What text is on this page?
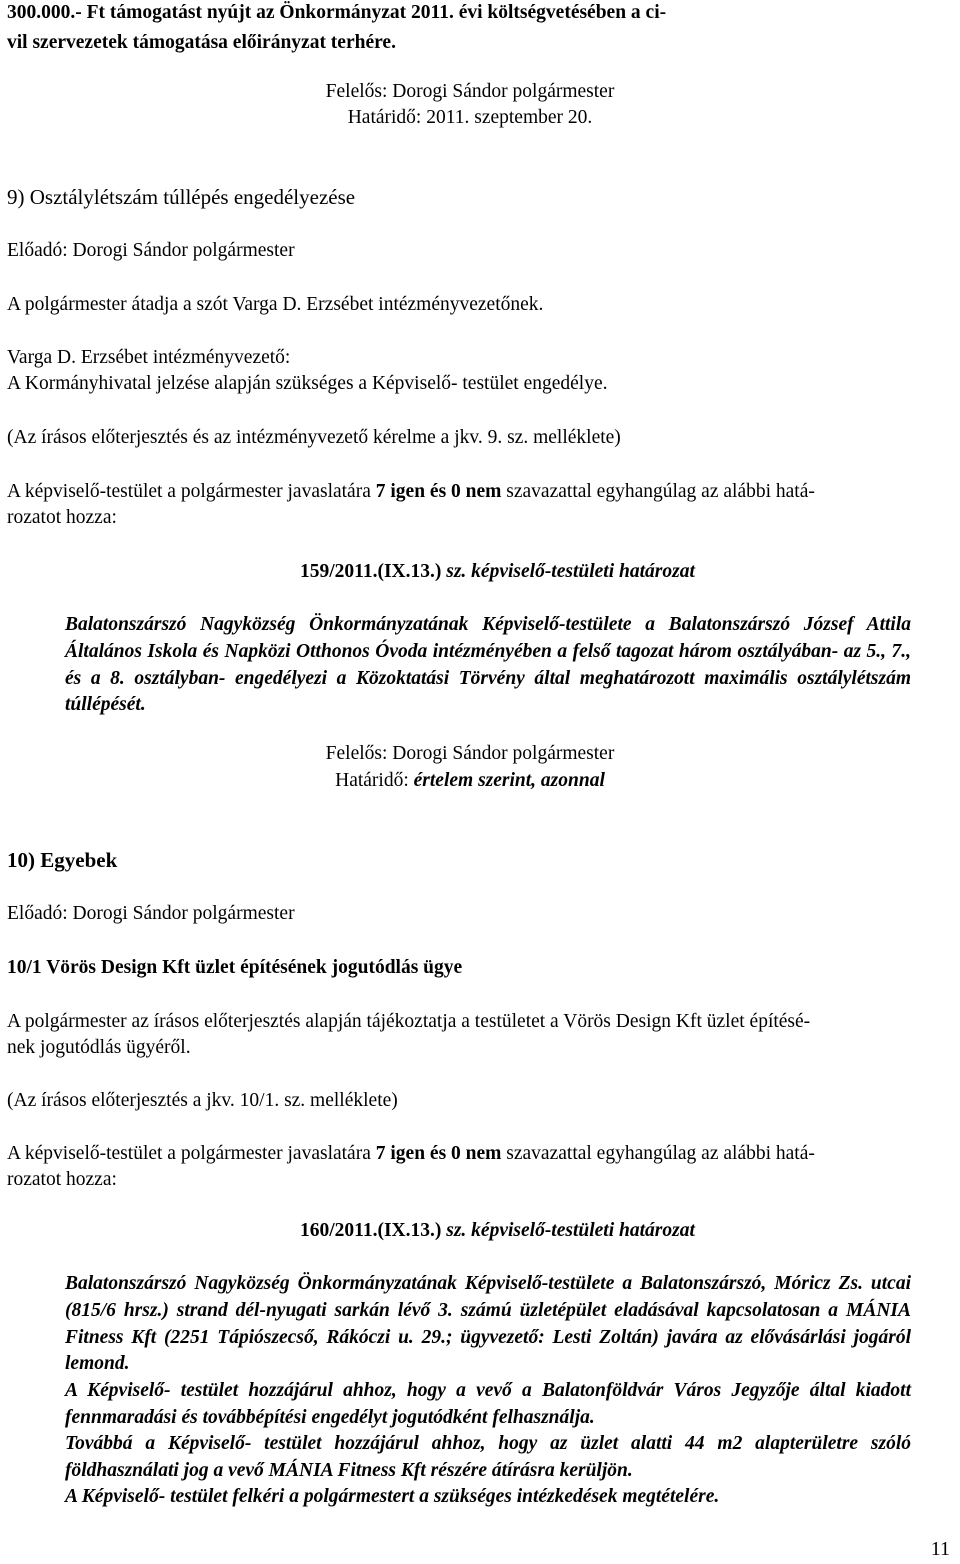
300.000.- Ft támogatást nyújt az Önkormányzat 2011. évi költségvetésében a ci-
vil szervezetek támogatása előirányzat terhére.
Felelős: Dorogi Sándor polgármester
Határidő: 2011. szeptember 20.
9) Osztálylétszám túllépés engedélyezése
Előadó: Dorogi Sándor polgármester
A polgármester átadja a szót Varga D. Erzsébet intézményvezetőnek.
Varga D. Erzsébet intézményvezető:
A Kormányhivatal jelzése alapján szükséges a Képviselő- testület engedélye.
(Az írásos előterjesztés és az intézményvezető kérelme a jkv. 9. sz. melléklete)
A képviselő-testület a polgármester javaslatára 7 igen és 0 nem szavazattal egyhangúlag az alábbi hatá-
rozatot hozza:
159/2011.(IX.13.) sz. képviselő-testületi határozat
Balatonszárszó Nagyközség Önkormányzatának Képviselő-testülete a Balatonszárszó József Attila Általános Iskola és Napközi Otthonos Óvoda intézményében a felső tagozat három osztályában- az 5., 7., és a 8. osztályban- engedélyezi a Közoktatási Törvény által meghatározott maximális osztálylétszám túllépését.
Felelős: Dorogi Sándor polgármester
Határidő: értelem szerint, azonnal
10) Egyebek
Előadó: Dorogi Sándor polgármester
10/1 Vörös Design Kft üzlet építésének jogutódlás ügye
A polgármester az írásos előterjesztés alapján tájékoztatja a testületet a Vörös Design Kft üzlet építésé-
nek jogutódlás ügyéről.
(Az írásos előterjesztés a jkv. 10/1. sz. melléklete)
A képviselő-testület a polgármester javaslatára 7 igen és 0 nem szavazattal egyhangúlag az alábbi hatá-
rozatot hozza:
160/2011.(IX.13.) sz. képviselő-testületi határozat
Balatonszárszó Nagyközség Önkormányzatának Képviselő-testülete a Balatonszárszó, Móricz Zs. utcai (815/6 hrsz.) strand dél-nyugati sarkán lévő 3. számú üzletépület eladásával kapcsolatosan a MÁNIA Fitness Kft (2251 Tápiószecső, Rákóczi u. 29.; ügyvezető: Lesti Zoltán) javára az elővásárlási jogáról lemond.
A Képviselő- testület hozzájárul ahhoz, hogy a vevő a Balatonföldvár Város Jegyzője által kiadott fennmaradási és továbbépítési engedélyt jogutódként felhasználja.
Továbbá a Képviselő- testület hozzájárul ahhoz, hogy az üzlet alatti 44 m2 alapterületre szóló földhasználati jog a vevő MÁNIA Fitness Kft részére átírásra kerüljön.
A Képviselő- testület felkéri a polgármestert a szükséges intézkedések megtételére.
11
